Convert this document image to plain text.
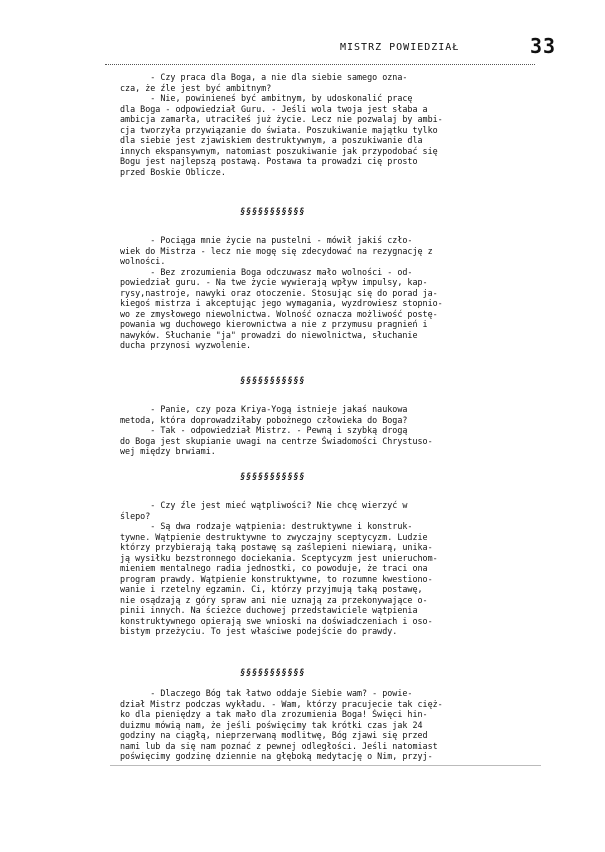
MISTRZ POWIEDZIAŁ	33
- Czy praca dla Boga, a nie dla siebie samego ozna-
cza, że źle jest być ambitnym?
- Nie, powinieneś być ambitnym, by udoskonalić pracę
dla Boga - odpowiedział Guru. - Jeśli wola twoja jest słaba a
ambicja zamarła, utraciłeś już życie. Lecz nie pozwalaj by ambi-
cja tworzyła przywiązanie do świata. Poszukiwanie majątku tylko
dla siebie jest zjawiskiem destruktywnym, a poszukiwanie dla
innych ekspansywnym, natomiast poszukiwanie jak przypodobać się
Bogu jest najlepszą postawą. Postawa ta prowadzi cię prosto
przed Boskie Oblicze.
§§§§§§§§§§§
- Pociąga mnie życie na pustelni - mówił jakiś czło-
wiek do Mistrza - lecz nie mogę się zdecydować na rezygnację z
wolności.
- Bez zrozumienia Boga odczuwasz mało wolności - od-
powiedział guru. - Na twe życie wywierają wpływ impulsy, kap-
rysy,nastroje, nawyki oraz otoczenie. Stosując się do porad ja-
kiegoś mistrza i akceptując jego wymagania, wyzdrowiesz stopnio-
wo ze zmysłowego niewolnictwa. Wolność oznacza możliwość postę-
powania wg duchowego kierownictwa a nie z przymusu pragnień i
nawyków. Słuchanie "ja" prowadzi do niewolnictwa, słuchanie
ducha przynosi wyzwolenie.
§§§§§§§§§§§
- Panie, czy poza Kriya-Yogą istnieje jakaś naukowa
metoda, która doprowadziłaby pobożnego człowieka do Boga?
- Tak - odpowiedział Mistrz. - Pewną i szybką drogą
do Boga jest skupianie uwagi na centrze Świadomości Chrystuso-
wej między brwiami.
§§§§§§§§§§§
- Czy źle jest mieć wątpliwości? Nie chcę wierzyć w
ślepo?
- Są dwa rodzaje wątpienia: destruktywne i konstruk-
tywne. Wątpienie destruktywne to zwyczajny sceptycyzm. Ludzie
którzy przybierają taką postawę są zaślepieni niewiarą, unika-
ją wysiłku bezstronnego dociekania. Sceptycyzm jest unieruchom-
mieniem mentalnego radia jednostki, co powoduje, że traci ona
program prawdy. Wątpienie konstruktywne, to rozumne kwestiono-
wanie i rzetelny egzamin. Ci, którzy przyjmują taką postawę,
nie osądzają z góry spraw ani nie uznają za przekonywające o-
pinii innych. Na ścieżce duchowej przedstawiciele wątpienia
konstruktywnego opierają swe wnioski na doświadczeniach i oso-
bistym przeżyciu. To jest właściwe podejście do prawdy.
§§§§§§§§§§§
- Dlaczego Bóg tak łatwo oddaje Siebie wam? - powie-
dział Mistrz podczas wykładu. - Wam, którzy pracujecie tak cięż-
ko dla pieniędzy a tak mało dla zrozumienia Boga! Święci hin-
duizmu mówią nam, że jeśli poświęcimy tak krótki czas jak 24
godziny na ciągłą, nieprzerwaną modlitwę, Bóg zjawi się przed
nami lub da się nam poznać z pewnej odległości. Jeśli natomiast
poświęcimy godzinę dziennie na głęboką medytację o Nim, przyj-
